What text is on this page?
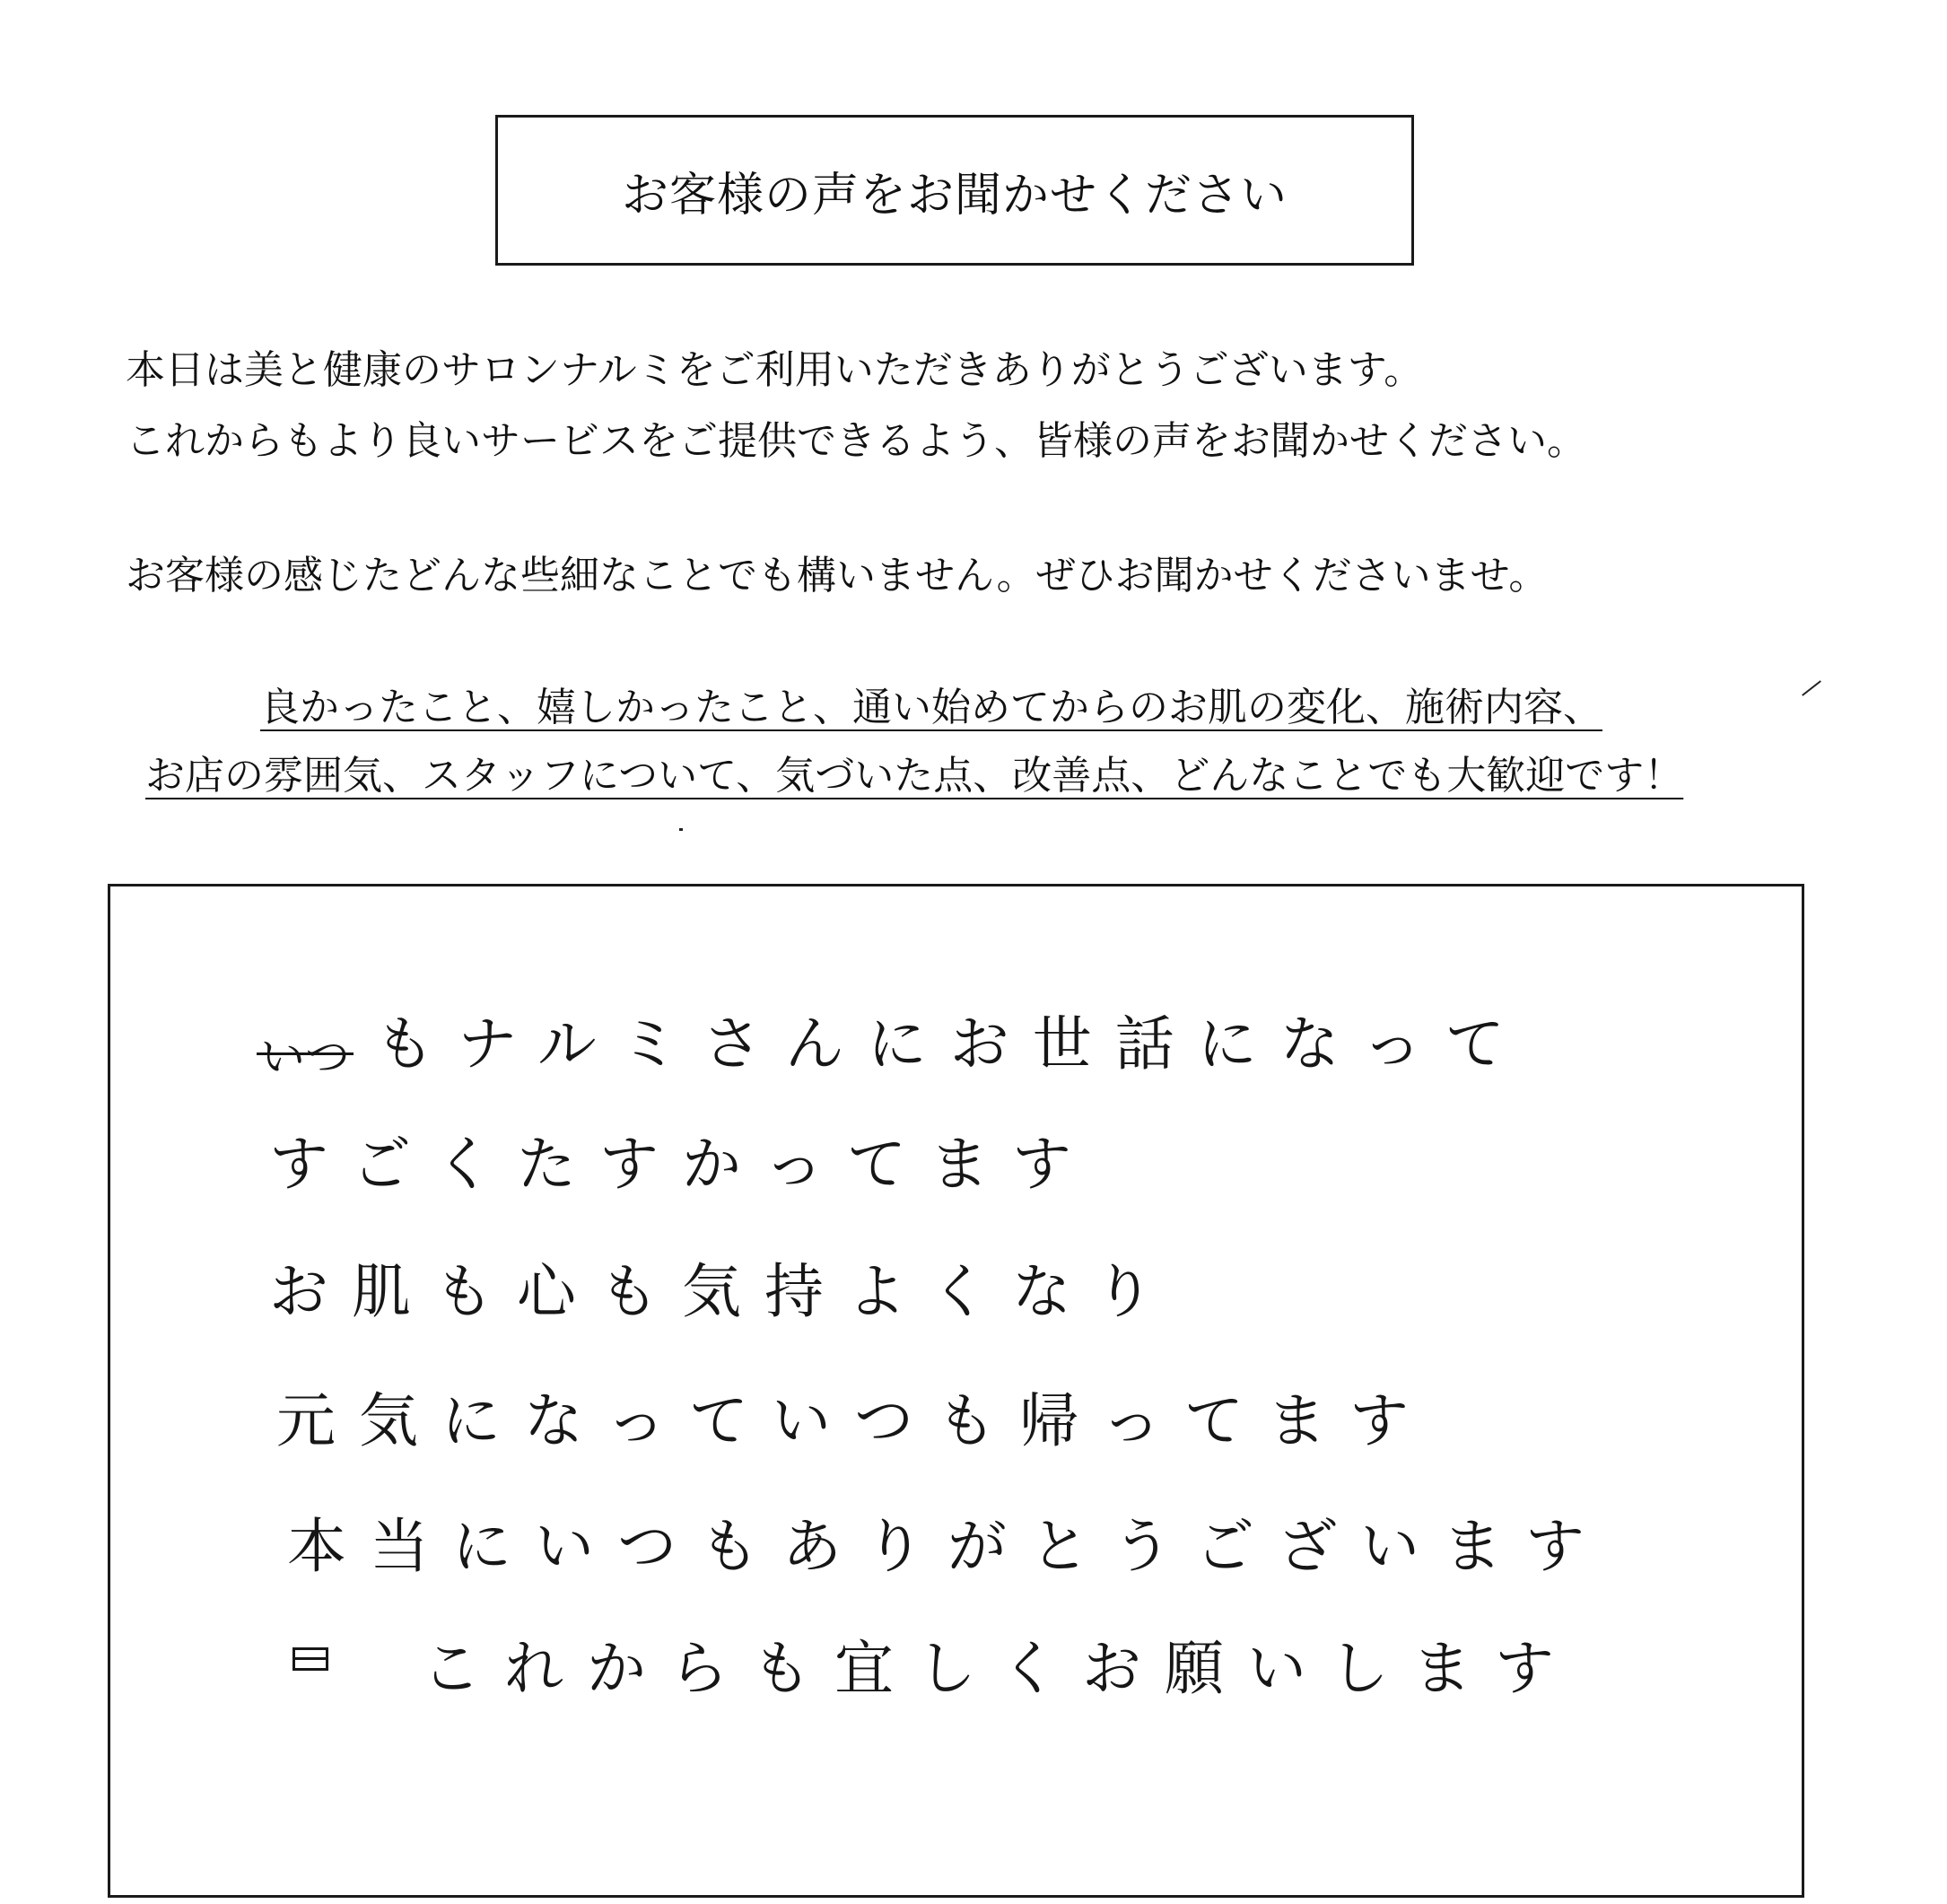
お客様の声をお聞かせください
本日は美と健康のサロンナルミをご利用いただきありがとうございます。
これからもより良いサービスをご提供できるよう、皆様の声をお聞かせください。
お客様の感じたどんな些細なことでも構いません。ぜひお聞かせくださいませ。
良かったこと、嬉しかったこと、通い始めてからのお肌の変化、施術内容、
お店の雰囲気、スタッフについて、気づいた点、改善点、どんなことでも大歓迎です！
いつ もナルミさんにお世話になって
すごくたすかってます
お肌も心も気持よくなり
元気になっていつも帰ってます
本当にいつもありがとうございます
これからも宜しくお願いします
